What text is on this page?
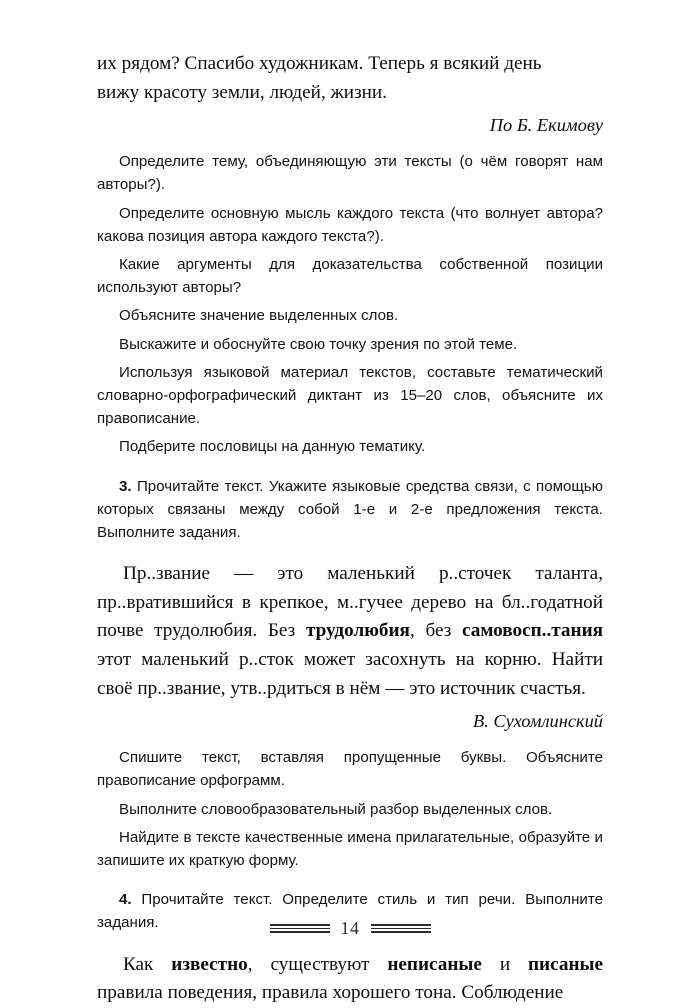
их рядом? Спасибо художникам. Теперь я всякий день
вижу красоту земли, людей, жизни.
По Б. Екимову
Определите тему, объединяющую эти тексты (о чём говорят нам авторы?).
Определите основную мысль каждого текста (что волнует автора? какова позиция автора каждого текста?).
Какие аргументы для доказательства собственной позиции используют авторы?
Объясните значение выделенных слов.
Выскажите и обоснуйте свою точку зрения по этой теме.
Используя языковой материал текстов, составьте тематический словарно-орфографический диктант из 15–20 слов, объясните их правописание.
Подберите пословицы на данную тематику.
3. Прочитайте текст. Укажите языковые средства связи, с помощью которых связаны между собой 1-е и 2-е предложения текста. Выполните задания.
Пр..звание — это маленький р..сточек таланта, пр..вратившийся в крепкое, м..гучее дерево на бл..годатной почве трудолюбия. Без трудолюбия, без самовосп..тания этот маленький р..сток может засохнуть на корню. Найти своё пр..звание, утв..рдиться в нём — это источник счастья.
В. Сухомлинский
Спишите текст, вставляя пропущенные буквы. Объясните правописание орфограмм.
Выполните словообразовательный разбор выделенных слов.
Найдите в тексте качественные имена прилагательные, образуйте и запишите их краткую форму.
4. Прочитайте текст. Определите стиль и тип речи. Выполните задания.
Как известно, существуют неписаные и писаные правила поведения, правила хорошего тона. Соблюдение
14
